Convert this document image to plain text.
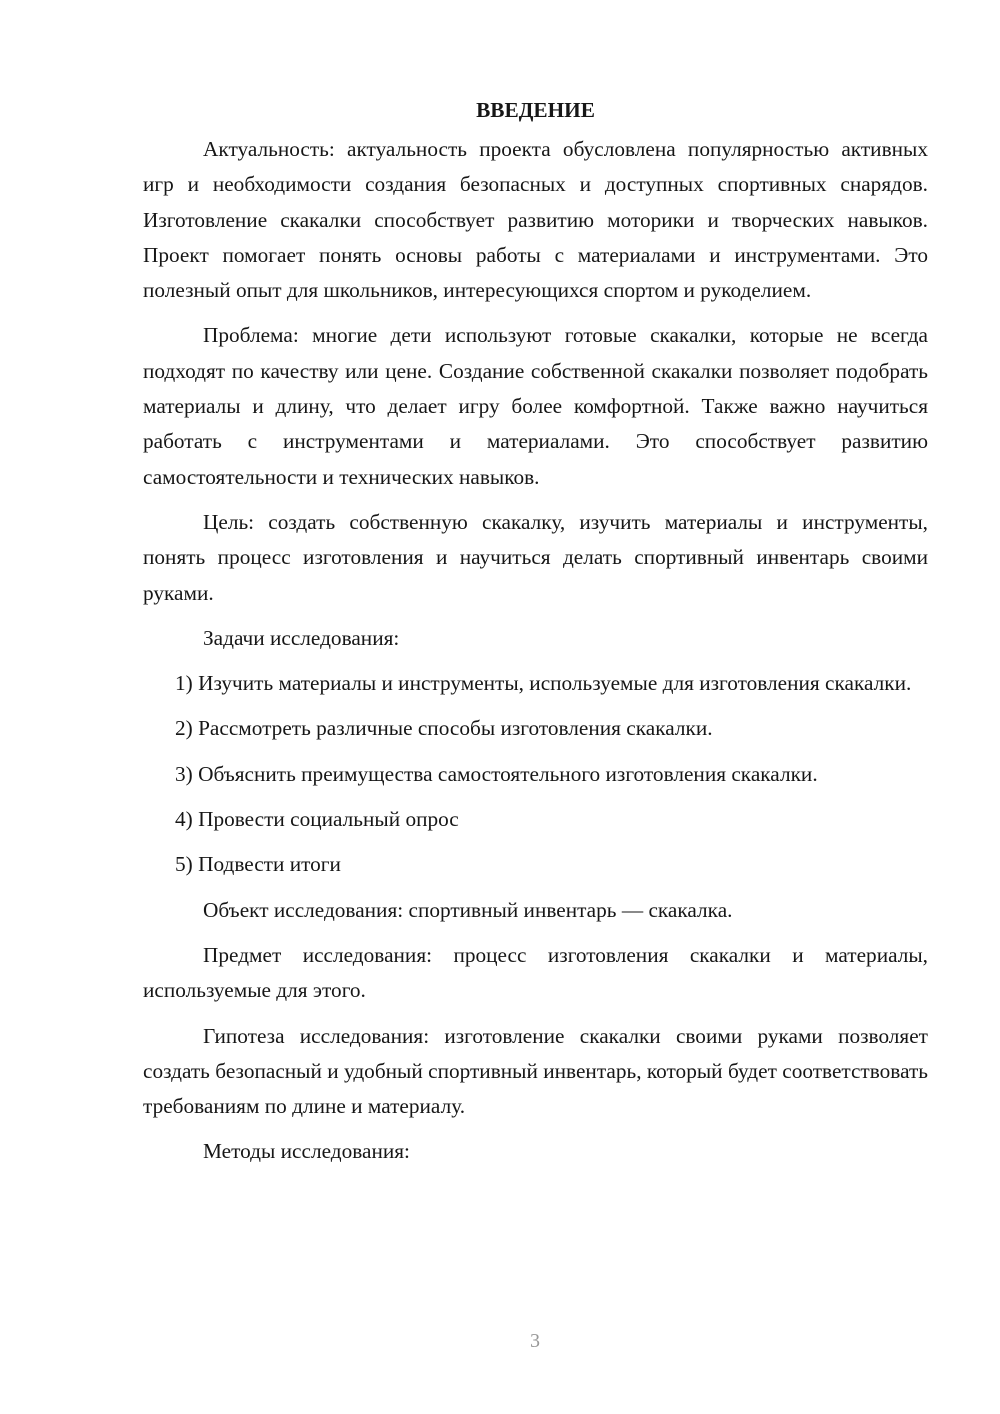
ВВЕДЕНИЕ

Актуальность: актуальность проекта обусловлена популярностью активных игр и необходимости создания безопасных и доступных спортивных снарядов. Изготовление скакалки способствует развитию моторики и творческих навыков. Проект помогает понять основы работы с материалами и инструментами. Это полезный опыт для школьников, интересующихся спортом и рукоделием.

Проблема: многие дети используют готовые скакалки, которые не всегда подходят по качеству или цене. Создание собственной скакалки позволяет подобрать материалы и длину, что делает игру более комфортной. Также важно научиться работать с инструментами и материалами. Это способствует развитию самостоятельности и технических навыков.

Цель: создать собственную скакалку, изучить материалы и инструменты, понять процесс изготовления и научиться делать спортивный инвентарь своими руками.

Задачи исследования:

1) Изучить материалы и инструменты, используемые для изготовления скакалки.

2) Рассмотреть различные способы изготовления скакалки.

3) Объяснить преимущества самостоятельного изготовления скакалки.

4) Провести социальный опрос

5) Подвести итоги

Объект исследования: спортивный инвентарь — скакалка.

Предмет исследования: процесс изготовления скакалки и материалы, используемые для этого.

Гипотеза исследования: изготовление скакалки своими руками позволяет создать безопасный и удобный спортивный инвентарь, который будет соответствовать требованиям по длине и материалу.

Методы исследования:

3
